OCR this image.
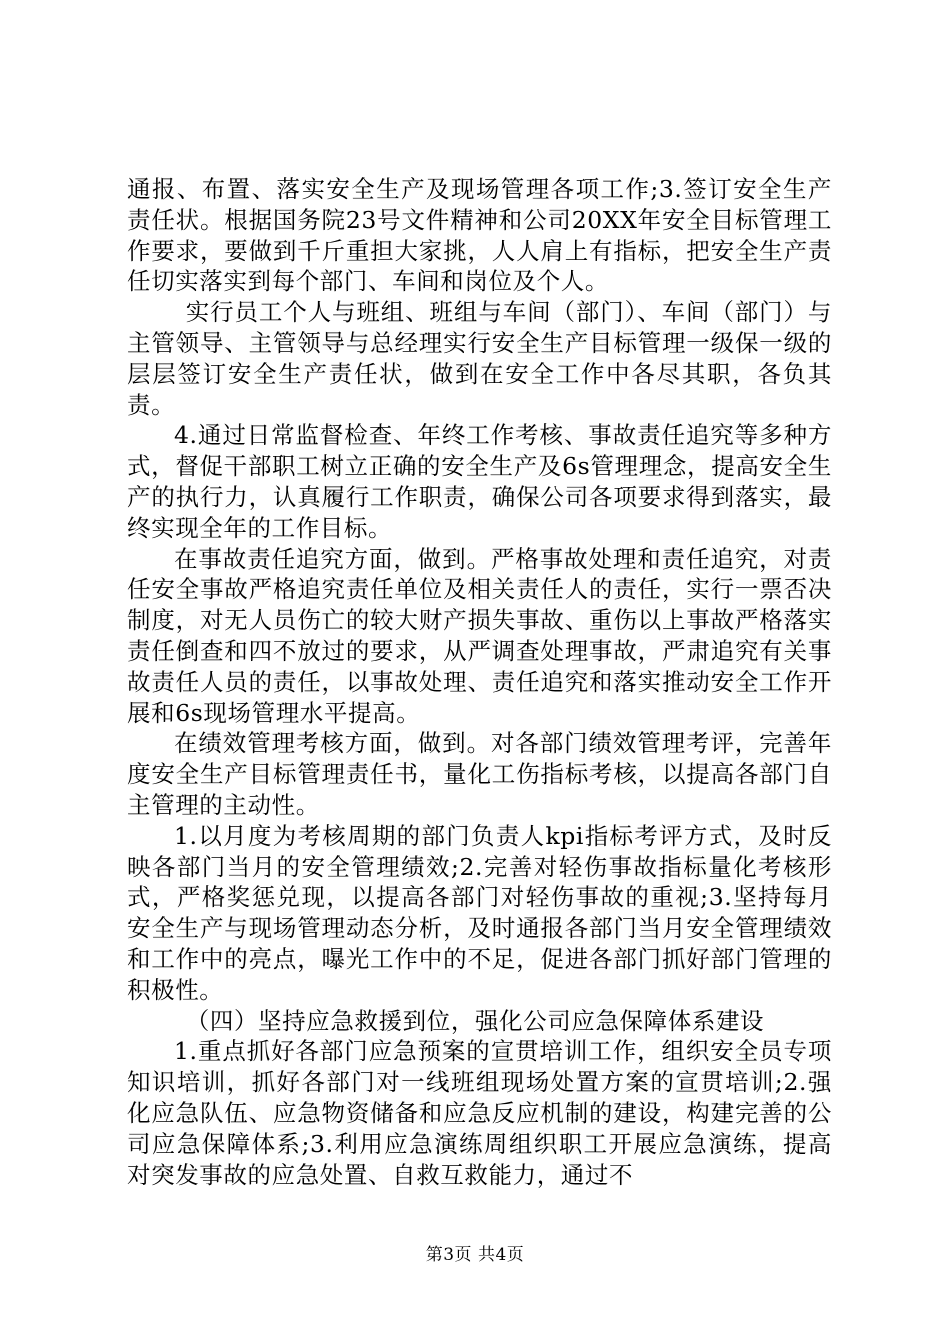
通报、布置、落实安全生产及现场管理各项工作;3.签订安全生产责任状。根据国务院23号文件精神和公司20XX年安全目标管理工作要求，要做到千斤重担大家挑，人人肩上有指标，把安全生产责任切实落实到每个部门、车间和岗位及个人。

实行员工个人与班组、班组与车间（部门）、车间（部门）与主管领导、主管领导与总经理实行安全生产目标管理一级保一级的层层签订安全生产责任状，做到在安全工作中各尽其职，各负其责。

4.通过日常监督检查、年终工作考核、事故责任追究等多种方式，督促干部职工树立正确的安全生产及6s管理理念，提高安全生产的执行力，认真履行工作职责，确保公司各项要求得到落实，最终实现全年的工作目标。

在事故责任追究方面，做到。严格事故处理和责任追究，对责任安全事故严格追究责任单位及相关责任人的责任，实行一票否决制度，对无人员伤亡的较大财产损失事故、重伤以上事故严格落实责任倒查和四不放过的要求，从严调查处理事故，严肃追究有关事故责任人员的责任，以事故处理、责任追究和落实推动安全工作开展和6s现场管理水平提高。

在绩效管理考核方面，做到。对各部门绩效管理考评，完善年度安全生产目标管理责任书，量化工伤指标考核，以提高各部门自主管理的主动性。

1.以月度为考核周期的部门负责人kpi指标考评方式，及时反映各部门当月的安全管理绩效;2.完善对轻伤事故指标量化考核形式，严格奖惩兑现，以提高各部门对轻伤事故的重视;3.坚持每月安全生产与现场管理动态分析，及时通报各部门当月安全管理绩效和工作中的亮点，曝光工作中的不足，促进各部门抓好部门管理的积极性。

（四）坚持应急救援到位，强化公司应急保障体系建设

1.重点抓好各部门应急预案的宣贯培训工作，组织安全员专项知识培训，抓好各部门对一线班组现场处置方案的宣贯培训;2.强化应急队伍、应急物资储备和应急反应机制的建设，构建完善的公司应急保障体系;3.利用应急演练周组织职工开展应急演练，提高对突发事故的应急处置、自救互救能力，通过不

第3页 共4页
